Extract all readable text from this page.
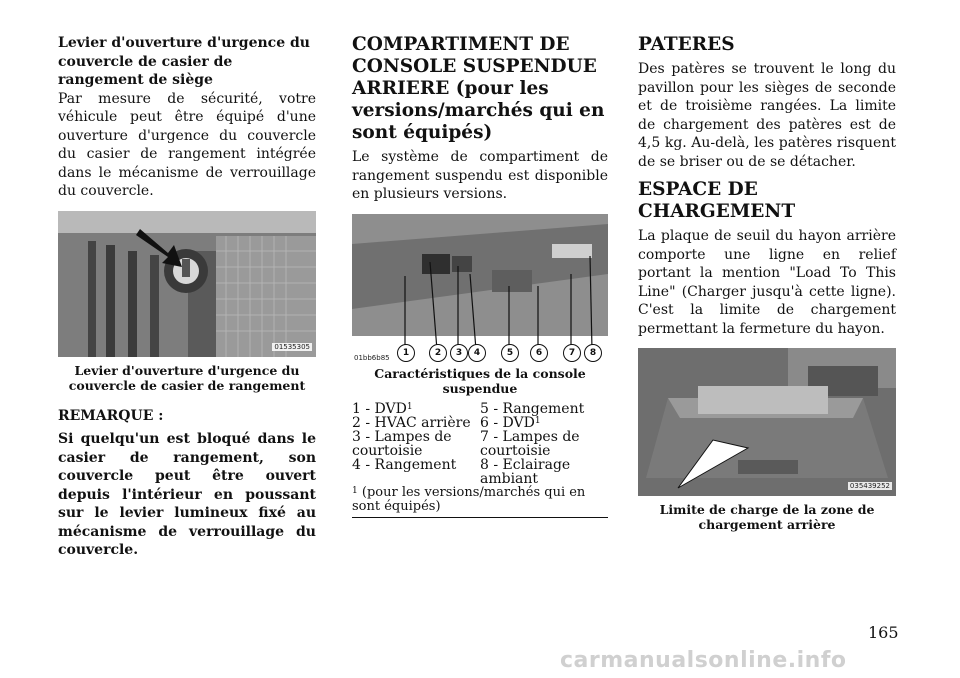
Levier d'ouverture d'urgence du couvercle de casier de rangement de siège

Par mesure de sécurité, votre véhicule peut être équipé d'une ouverture d'urgence du couvercle du casier de rangement intégrée dans le mécanisme de verrouillage du couvercle.

01535305

Levier d'ouverture d'urgence du couvercle de casier de rangement

REMARQUE :

Si quelqu'un est bloqué dans le casier de rangement, son couvercle peut être ouvert depuis l'intérieur en poussant sur le levier lumineux fixé au mécanisme de verrouillage du couvercle.

COMPARTIMENT DE CONSOLE SUSPENDUE ARRIERE (pour les versions/marchés qui en sont équipés)

Le système de compartiment de rangement suspendu est disponible en plusieurs versions.

01bb6b85	1	2	3	4	5	6	7	8

Caractéristiques de la console suspendue

1 - DVD$^1$	5 - Rangement
2 - HVAC arrière	6 - DVD$^1$
3 - Lampes de courtoisie	7 - Lampes de courtoisie
4 - Rangement	8 - Eclairage ambiant
$^1$ (pour les versions/marchés qui en sont équipés)	
PATERES

Des patères se trouvent le long du pavillon pour les sièges de seconde et de troisième rangées. La limite de chargement des patères est de 4,5 kg. Au-delà, les patères risquent de se briser ou de se détacher.

ESPACE DE CHARGEMENT

La plaque de seuil du hayon arrière comporte une ligne en relief portant la mention "Load To This Line" (Charger jusqu'à cette ligne). C'est la limite de chargement permettant la fermeture du hayon.

035439252

Limite de charge de la zone de chargement arrière

165
carmanualsonline.info
